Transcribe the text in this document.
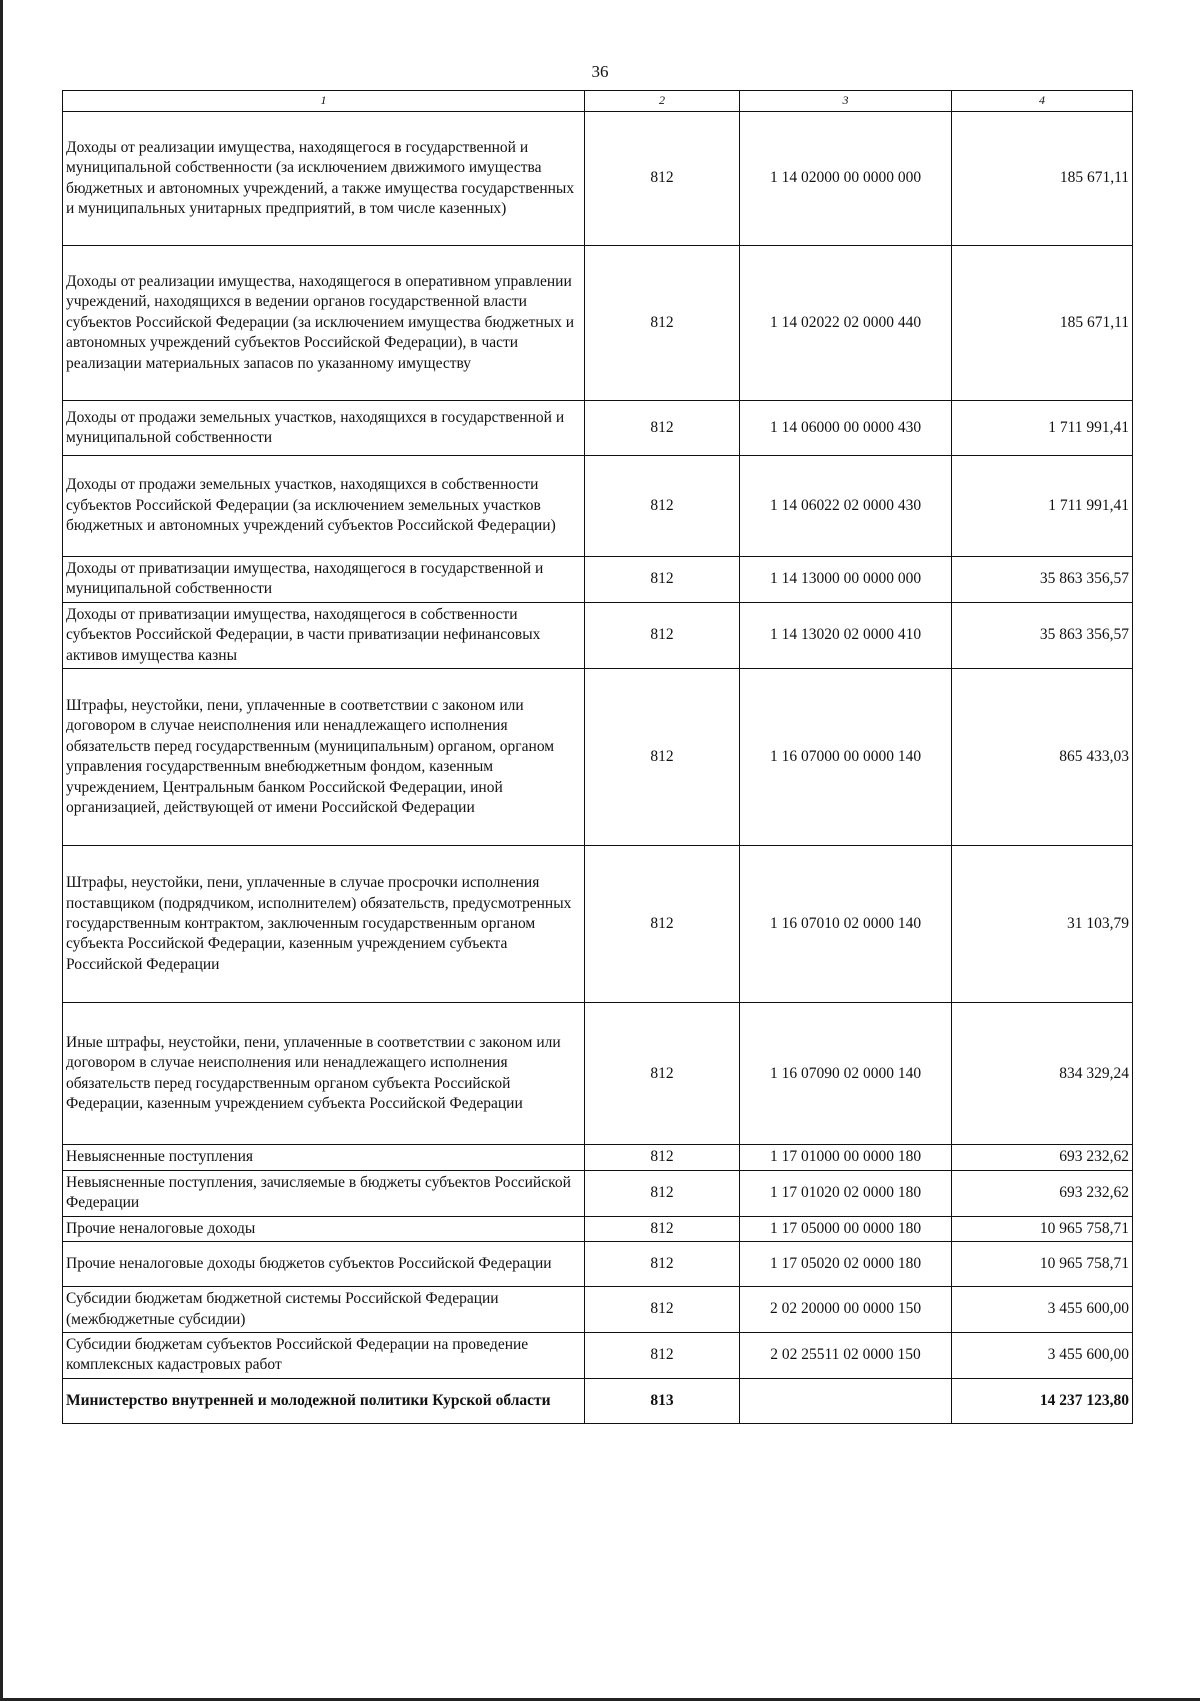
36
1	2	3	4
Доходы от реализации имущества, находящегося в государственной и муниципальной собственности (за исключением движимого имущества бюджетных и автономных учреждений, а также имущества государственных и муниципальных унитарных предприятий, в том числе казенных)	812	1 14 02000 00 0000 000	185 671,11
Доходы от реализации имущества, находящегося в оперативном управлении учреждений, находящихся в ведении органов государственной власти субъектов Российской Федерации (за исключением имущества бюджетных и автономных учреждений субъектов Российской Федерации), в части реализации материальных запасов по указанному имуществу	812	1 14 02022 02 0000 440	185 671,11
Доходы от продажи земельных участков, находящихся в государственной и муниципальной собственности	812	1 14 06000 00 0000 430	1 711 991,41
Доходы от продажи земельных участков, находящихся в собственности субъектов Российской Федерации (за исключением земельных участков бюджетных и автономных учреждений субъектов Российской Федерации)	812	1 14 06022 02 0000 430	1 711 991,41
Доходы от приватизации имущества, находящегося в государственной и муниципальной собственности	812	1 14 13000 00 0000 000	35 863 356,57
Доходы от приватизации имущества, находящегося в собственности субъектов Российской Федерации, в части приватизации нефинансовых активов имущества казны	812	1 14 13020 02 0000 410	35 863 356,57
Штрафы, неустойки, пени, уплаченные в соответствии с законом или договором в случае неисполнения или ненадлежащего исполнения обязательств перед государственным (муниципальным) органом, органом управления государственным внебюджетным фондом, казенным учреждением, Центральным банком Российской Федерации, иной организацией, действующей от имени Российской Федерации	812	1 16 07000 00 0000 140	865 433,03
Штрафы, неустойки, пени, уплаченные в случае просрочки исполнения поставщиком (подрядчиком, исполнителем) обязательств, предусмотренных государственным контрактом, заключенным государственным органом субъекта Российской Федерации, казенным учреждением субъекта Российской Федерации	812	1 16 07010 02 0000 140	31 103,79
Иные штрафы, неустойки, пени, уплаченные в соответствии с законом или договором в случае неисполнения или ненадлежащего исполнения обязательств перед государственным органом субъекта Российской Федерации, казенным учреждением субъекта Российской Федерации	812	1 16 07090 02 0000 140	834 329,24
Невыясненные поступления	812	1 17 01000 00 0000 180	693 232,62
Невыясненные поступления, зачисляемые в бюджеты субъектов Российской Федерации	812	1 17 01020 02 0000 180	693 232,62
Прочие неналоговые доходы	812	1 17 05000 00 0000 180	10 965 758,71
Прочие неналоговые доходы бюджетов субъектов Российской Федерации	812	1 17 05020 02 0000 180	10 965 758,71
Субсидии бюджетам бюджетной системы Российской Федерации (межбюджетные субсидии)	812	2 02 20000 00 0000 150	3 455 600,00
Субсидии бюджетам субъектов Российской Федерации на проведение комплексных кадастровых работ	812	2 02 25511 02 0000 150	3 455 600,00
Министерство внутренней и молодежной политики Курской области	813		14 237 123,80
